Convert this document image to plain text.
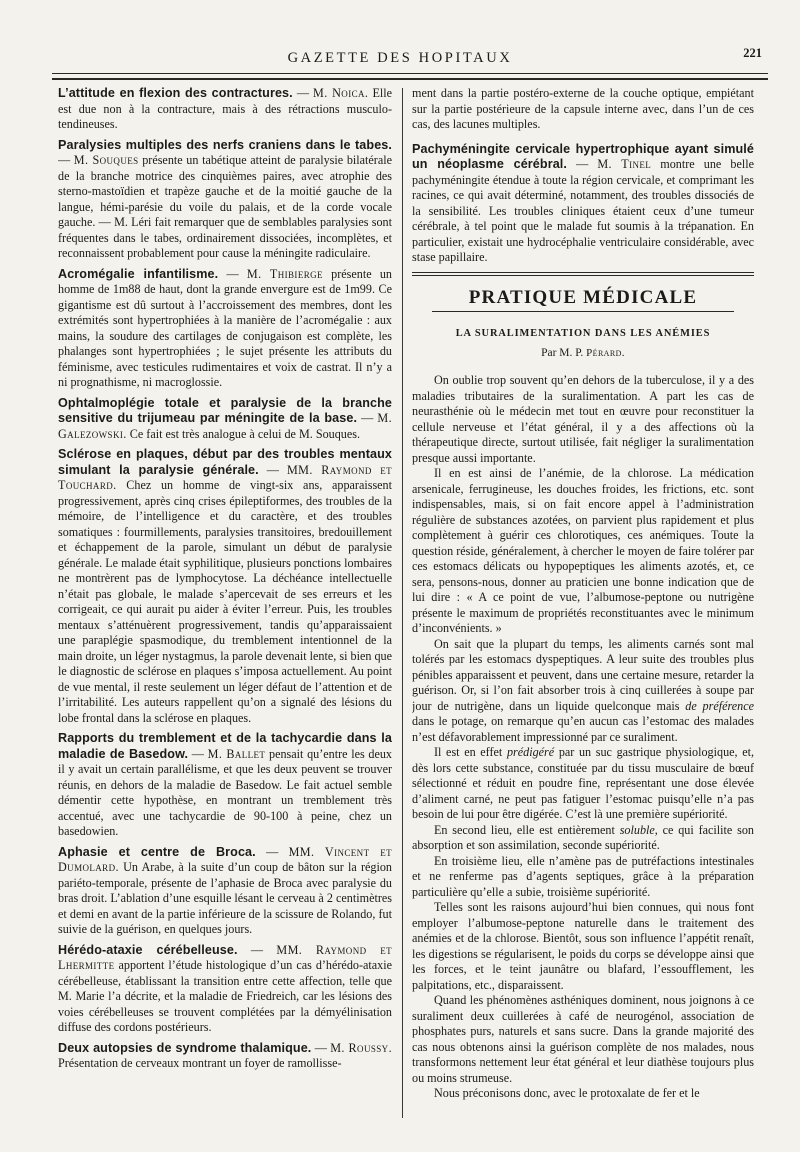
GAZETTE DES HOPITAUX	221

L’attitude en flexion des contractures. — M. Noica. Elle est due non à la contracture, mais à des rétractions musculo-tendineuses.

Paralysies multiples des nerfs craniens dans le tabes. — M. Souques présente un tabétique atteint de paralysie bilatérale de la branche motrice des cinquièmes paires, avec atrophie des sterno-mastoïdien et trapèze gauche et de la moitié gauche de la langue, hémi-parésie du voile du palais, et de la corde vocale gauche. — M. Léri fait remarquer que de semblables paralysies sont fréquentes dans le tabes, ordinairement dissociées, incomplètes, et reconnaissent probablement pour cause la méningite radiculaire.

Acromégalie infantilisme. — M. Thibierge présente un homme de 1m88 de haut, dont la grande envergure est de 1m99. Ce gigantisme est dû surtout à l’accroissement des membres, dont les extrémités sont hypertrophiées à la manière de l’acromégalie : aux mains, la soudure des cartilages de conjugaison est complète, les phalanges sont hypertrophiées ; le sujet présente les attributs du féminisme, avec testicules rudimentaires et voix de castrat. Il n’y a ni prognathisme, ni macroglossie.

Ophtalmoplégie totale et paralysie de la branche sensitive du trijumeau par méningite de la base. — M. Galezowski. Ce fait est très analogue à celui de M. Souques.

Sclérose en plaques, début par des troubles mentaux simulant la paralysie générale. — MM. Raymond et Touchard. Chez un homme de vingt-six ans, apparaissent progressivement, après cinq crises épileptiformes, des troubles de la mémoire, de l’intelligence et du caractère, et des troubles somatiques : fourmillements, paralysies transitoires, bredouillement et échappement de la parole, simulant un début de paralysie générale. Le malade était syphilitique, plusieurs ponctions lombaires ne montrèrent pas de lymphocytose. La déchéance intellectuelle n’était pas globale, le malade s’apercevait de ses erreurs et les corrigeait, ce qui aurait pu aider à éviter l’erreur. Puis, les troubles mentaux s’atténuèrent progressivement, tandis qu’apparaissaient une paraplégie spasmodique, du tremblement intentionnel de la main droite, un léger nystagmus, la parole devenait lente, si bien que le diagnostic de sclérose en plaques s’imposa actuellement. Au point de vue mental, il reste seulement un léger défaut de l’attention et de l’irritabilité. Les auteurs rappellent qu’on a signalé des lésions du lobe frontal dans la sclérose en plaques.

Rapports du tremblement et de la tachycardie dans la maladie de Basedow. — M. Ballet pensait qu’entre les deux il y avait un certain parallélisme, et que les deux peuvent se trouver réunis, en dehors de la maladie de Basedow. Le fait actuel semble démentir cette hypothèse, en montrant un tremblement très accentué, avec une tachycardie de 90-100 à peine, chez un basedowien.

Aphasie et centre de Broca. — MM. Vincent et Dumolard. Un Arabe, à la suite d’un coup de bâton sur la région pariéto-temporale, présente de l’aphasie de Broca avec paralysie du bras droit. L’ablation d’une esquille lésant le cerveau à 2 centimètres et demi en avant de la partie inférieure de la scissure de Rolando, fut suivie de la guérison, en quelques jours.

Hérédo-ataxie cérébelleuse. — MM. Raymond et Lhermitte apportent l’étude histologique d’un cas d’hérédo-ataxie cérébelleuse, établissant la transition entre cette affection, telle que M. Marie l’a décrite, et la maladie de Friedreich, car les lésions des voies cérébelleuses se trouvent complétées par la démyélinisation diffuse des cordons postérieurs.

Deux autopsies de syndrome thalamique. — M. Roussy. Présentation de cerveaux montrant un foyer de ramollisse-

ment dans la partie postéro-externe de la couche optique, empiétant sur la partie postérieure de la capsule interne avec, dans l’un de ces cas, des lacunes multiples.

Pachyméningite cervicale hypertrophique ayant simulé un néoplasme cérébral. — M. Tinel montre une belle pachyméningite étendue à toute la région cervicale, et comprimant les racines, ce qui avait déterminé, notamment, des troubles dissociés de la sensibilité. Les troubles cliniques étaient ceux d’une tumeur cérébrale, à tel point que le malade fut soumis à la trépanation. En particulier, existait une hydrocéphalie ventriculaire considérable, avec stase papillaire.

PRATIQUE MÉDICALE
LA SURALIMENTATION DANS LES ANÉMIES
Par M. P. Pérard.

On oublie trop souvent qu’en dehors de la tuberculose, il y a des maladies tributaires de la suralimentation. A part les cas de neurasthénie où le médecin met tout en œuvre pour reconstituer la cellule nerveuse et l’état général, il y a des affections où la thérapeutique directe, surtout utilisée, fait négliger la suralimentation presque aussi importante.

Il en est ainsi de l’anémie, de la chlorose. La médication arsenicale, ferrugineuse, les douches froides, les frictions, etc. sont indispensables, mais, si on fait encore appel à l’administration régulière de substances azotées, on parvient plus rapidement et plus complètement à guérir ces chlorotiques, ces anémiques. Toute la question réside, généralement, à chercher le moyen de faire tolérer par ces estomacs délicats ou hypopeptiques les aliments azotés, et, ce sera, pensons-nous, donner au praticien une bonne indication que de lui dire : « A ce point de vue, l’albumose-peptone ou nutrigène présente le maximum de propriétés reconstituantes avec le minimum d’inconvénients. »

On sait que la plupart du temps, les aliments carnés sont mal tolérés par les estomacs dyspeptiques. A leur suite des troubles plus pénibles apparaissent et peuvent, dans une certaine mesure, retarder la guérison. Or, si l’on fait absorber trois à cinq cuillerées à soupe par jour de nutrigène, dans un liquide quelconque mais de préférence dans le potage, on remarque qu’en aucun cas l’estomac des malades n’est défavorablement impressionné par ce suraliment.

Il est en effet prédigéré par un suc gastrique physiologique, et, dès lors cette substance, constituée par du tissu musculaire de bœuf sélectionné et réduit en poudre fine, représentant une dose élevée d’aliment carné, ne peut pas fatiguer l’estomac puisqu’elle n’a pas besoin de lui pour être digérée. C’est là une première supériorité.

En second lieu, elle est entièrement soluble, ce qui facilite son absorption et son assimilation, seconde supériorité.

En troisième lieu, elle n’amène pas de putréfactions intestinales et ne renferme pas d’agents septiques, grâce à la préparation particulière qu’elle a subie, troisième supériorité.

Telles sont les raisons aujourd’hui bien connues, qui nous font employer l’albumose-peptone naturelle dans le traitement des anémies et de la chlorose. Bientôt, sous son influence l’appétit renaît, les digestions se régularisent, le poids du corps se développe ainsi que les forces, et le teint jaunâtre ou blafard, l’essoufflement, les palpitations, etc., disparaissent.

Quand les phénomènes asthéniques dominent, nous joignons à ce suraliment deux cuillerées à café de neurogénol, association de phosphates purs, naturels et sans sucre. Dans la grande majorité des cas nous obtenons ainsi la guérison complète de nos malades, nous transformons nettement leur état général et leur diathèse toujours plus ou moins strumeuse.

Nous préconisons donc, avec le protoxalate de fer et le
